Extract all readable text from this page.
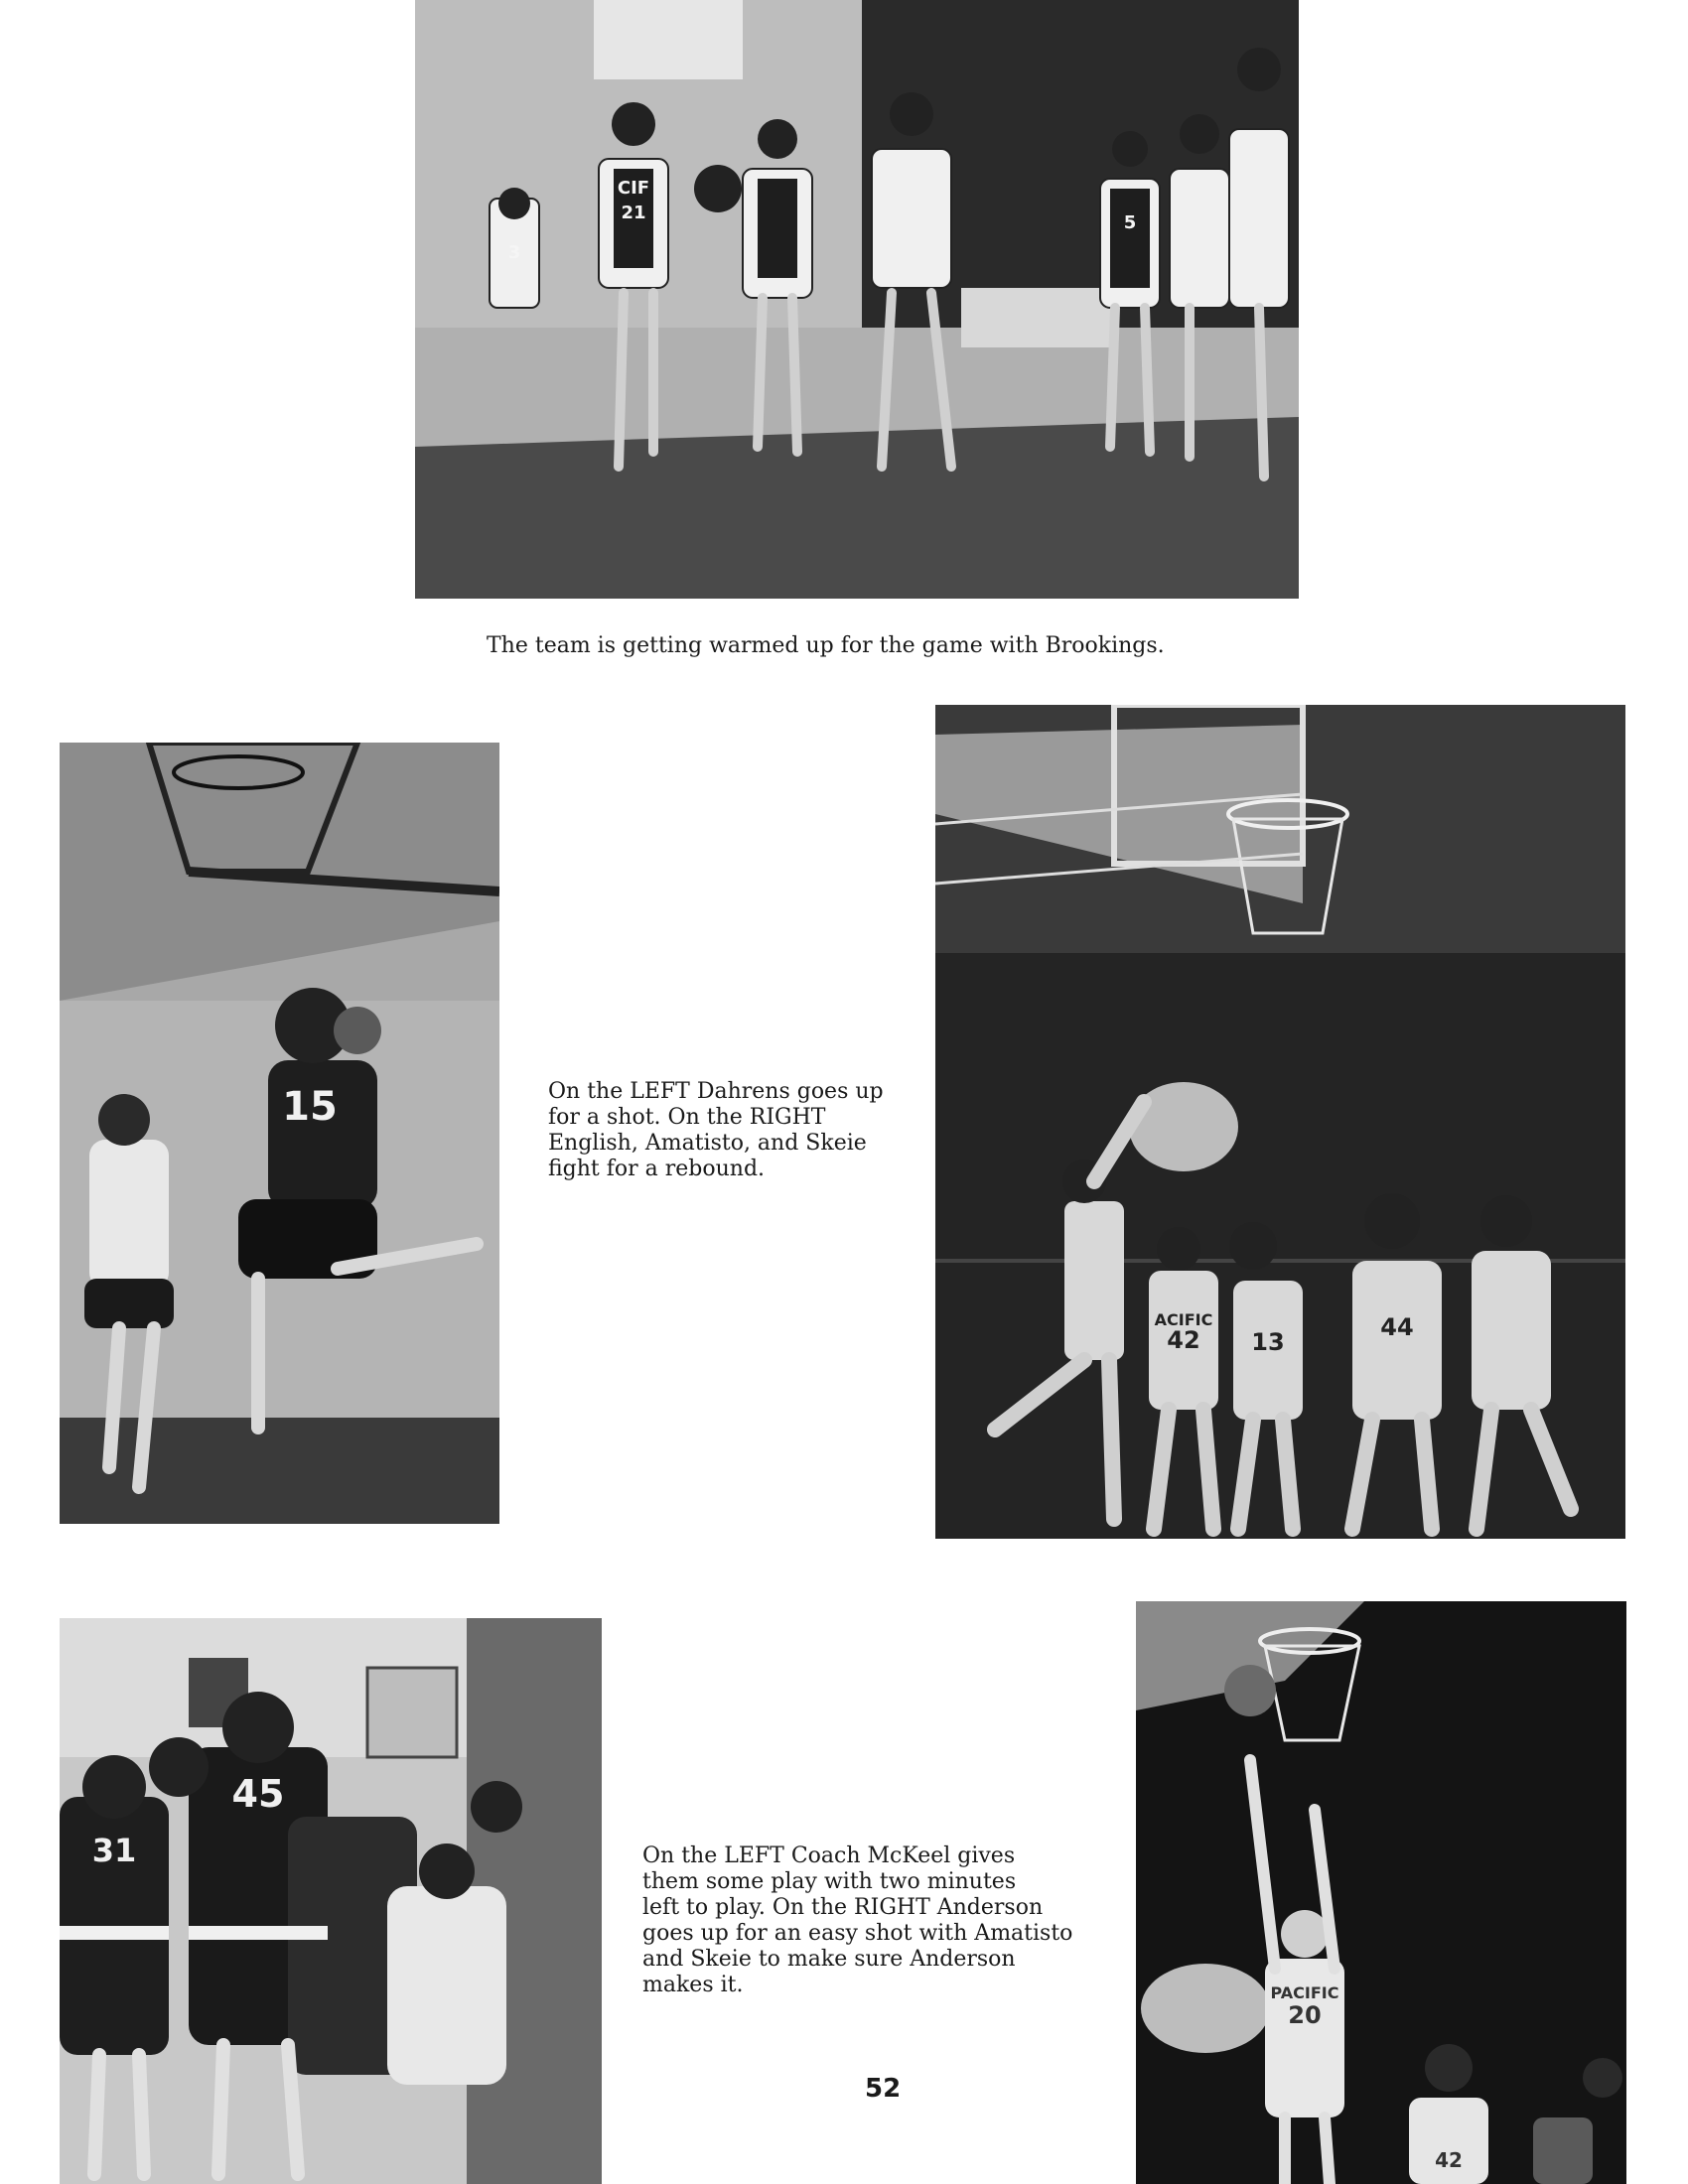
CIF
21
3
5
The team is getting warmed up for the game with Brookings.
15	On the LEFT Dahrens goes up
for a shot. On the RIGHT
English, Amatisto, and Skeie
fight for a rebound.
ACIFIC
42 13
44
31
45
On the LEFT Coach McKeel gives
them some play with two minutes
left to play. On the RIGHT Anderson
goes up for an easy shot with Amatisto
and Skeie to make sure Anderson
makes it.
52
PACIFIC
20
42
